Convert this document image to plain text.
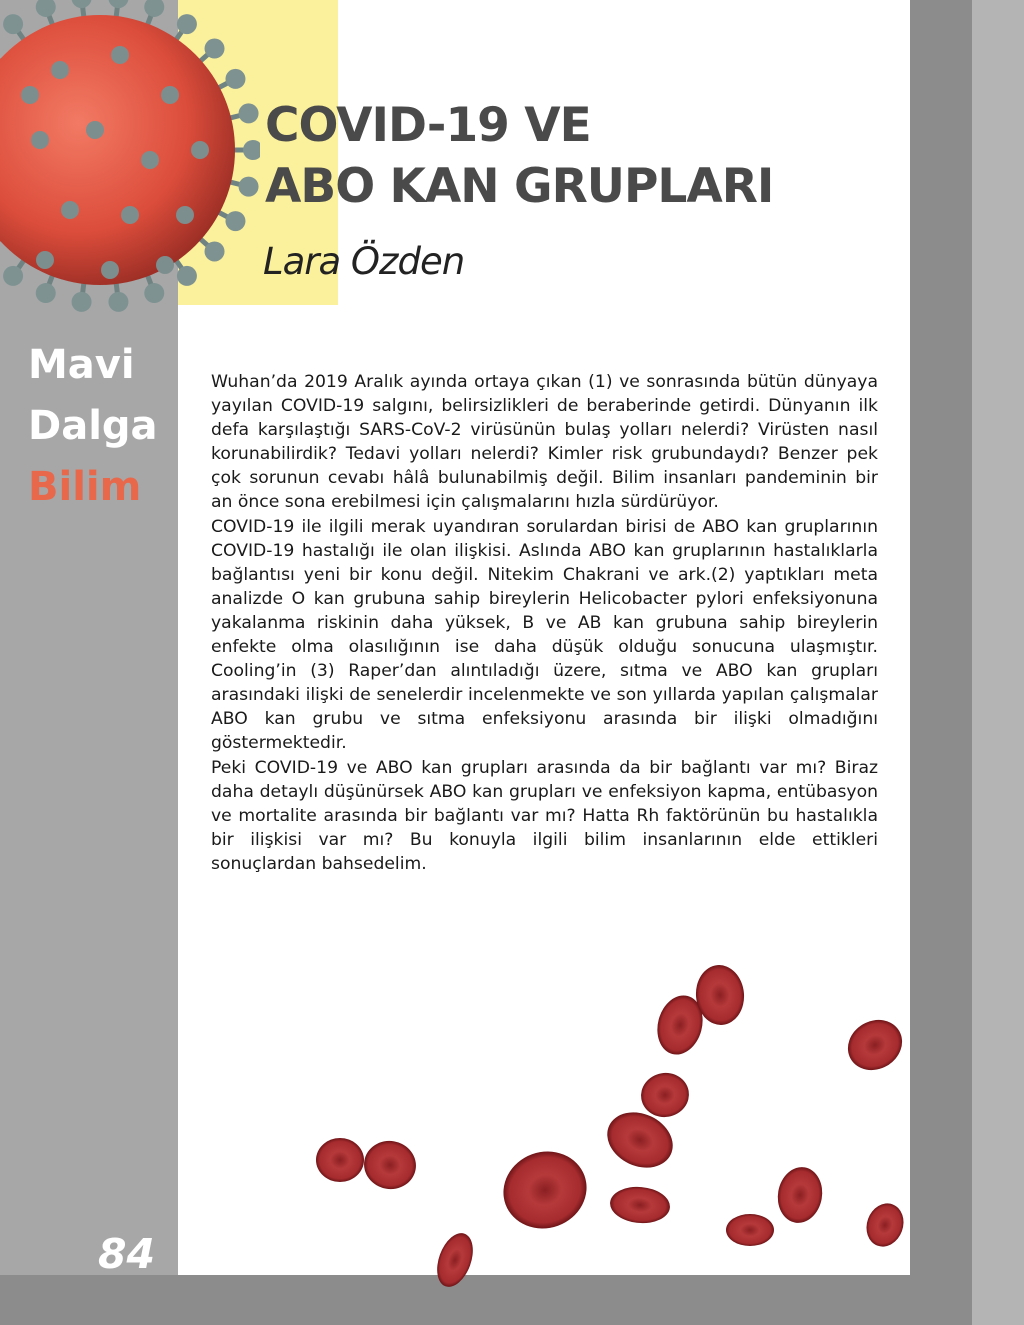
COVID-19 VE
ABO KAN GRUPLARI
Lara Özden
Mavi
Dalga
Bilim

Wuhan’da 2019 Aralık ayında ortaya çıkan (1) ve sonrasında bütün dünyaya yayılan COVID-19 salgını, belirsizlikleri de beraberinde getirdi. Dünyanın ilk defa karşılaştığı SARS-CoV-2 virüsünün bulaş yolları nelerdi? Virüsten nasıl korunabilirdik? Tedavi yolları nelerdi? Kimler risk grubundaydı? Benzer pek çok sorunun cevabı hâlâ bulunabilmiş değil. Bilim insanları pandeminin bir an önce sona erebilmesi için çalışmalarını hızla sürdürüyor.

COVID-19 ile ilgili merak uyandıran sorulardan birisi de ABO kan gruplarının COVID-19 hastalığı ile olan ilişkisi. Aslında ABO kan gruplarının hastalıklarla bağlantısı yeni bir konu değil. Nitekim Chakrani ve ark.(2) yaptıkları meta analizde O kan grubuna sahip bireylerin Helicobacter pylori enfeksiyonuna yakalanma riskinin daha yüksek, B ve AB kan grubuna sahip bireylerin enfekte olma olasılığının ise daha düşük olduğu sonucuna ulaşmıştır. Cooling’in (3) Raper’dan alıntıladığı üzere, sıtma ve ABO kan grupları arasındaki ilişki de senelerdir incelenmekte ve son yıllarda yapılan çalışmalar ABO kan grubu ve sıtma enfeksiyonu arasında bir ilişki olmadığını göstermektedir.

Peki COVID-19 ve ABO kan grupları arasında da bir bağlantı var mı? Biraz daha detaylı düşünürsek ABO kan grupları ve enfeksiyon kapma, entübasyon ve mortalite arasında bir bağlantı var mı? Hatta Rh faktörünün bu hastalıkla bir ilişkisi var mı? Bu konuyla ilgili bilim insanlarının elde ettikleri sonuçlardan bahsedelim.

84
